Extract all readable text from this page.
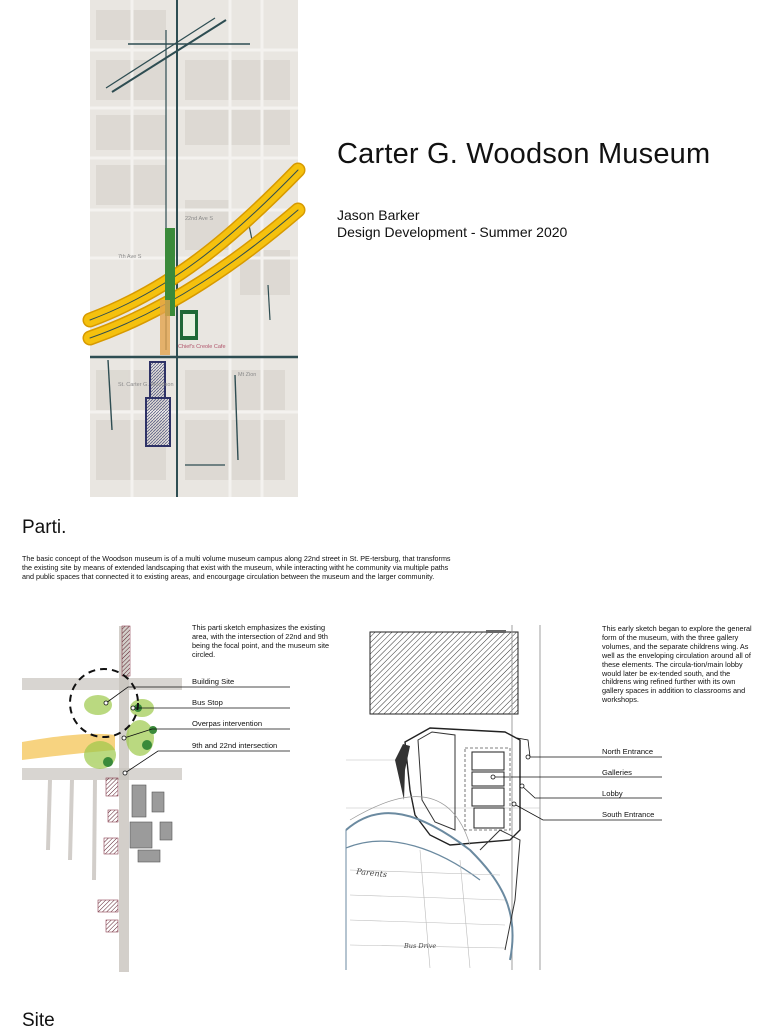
7th Ave S
Mt Zion
Chief's Creole Cafe
St. Carter G. Woodson
22nd Ave S
Parents
Bus Drive
Carter G. Woodson Museum
Jason Barker
Design Development - Summer 2020
Parti.
The basic concept of the Woodson museum is of a multi volume museum campus along 22nd street in St. PE-tersburg, that transforms the existing site by means of extended landscaping that exist with the museum, while interacting witht he community via multiple paths and public spaces that connected it to existing areas, and encourgage circulation between the museum and the larger community.
This parti sketch emphasizes the existing area, with the intersection of 22nd and 9th being the focal point, and the museum site circled.
Building Site
Bus Stop
Overpas intervention
9th and 22nd intersection
This early sketch began to explore the general form of the museum, with the three gallery volumes, and the separate childrens wing. As well as the enveloping circulation around all of these elements. The circula-tion/main lobby would later be ex-tended south, and the childrens wing refined further with its own gallery spaces in addition to classrooms and workshops.
North Entrance
Galleries
Lobby
South Entrance
Site
